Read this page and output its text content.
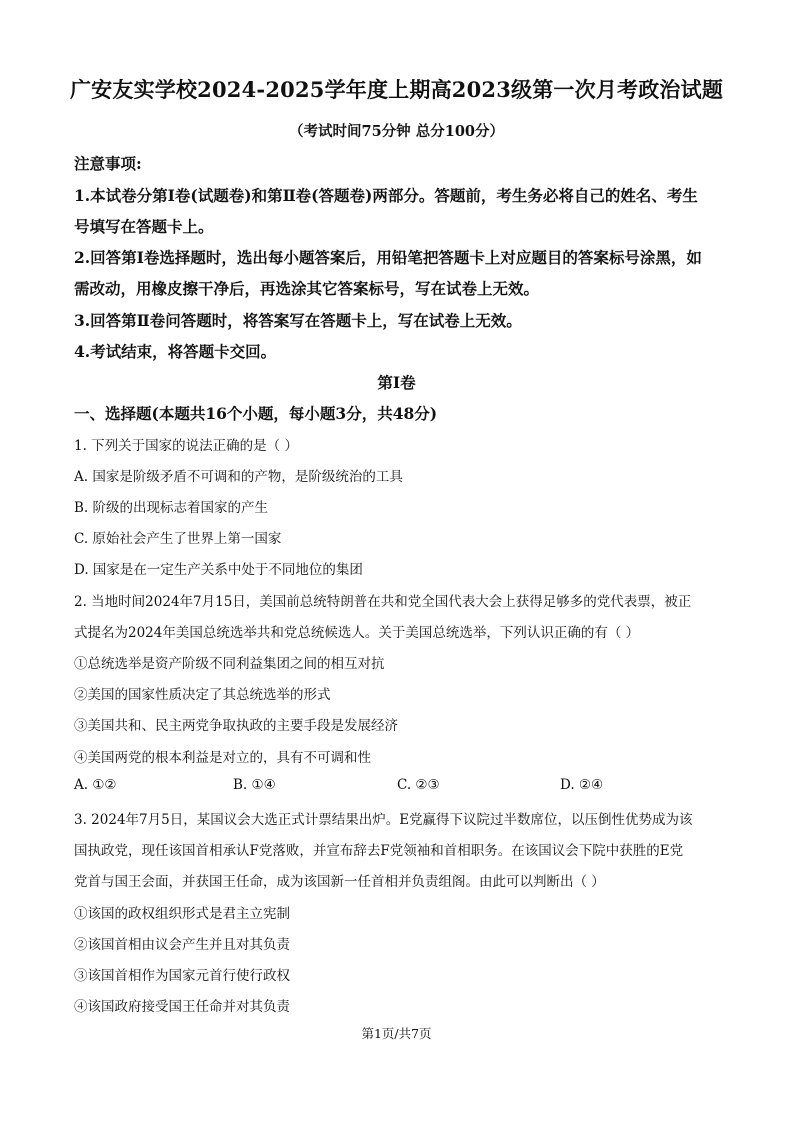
广安友实学校2024-2025学年度上期高2023级第一次月考政治试题
（考试时间75分钟 总分100分）
注意事项:
1.本试卷分第Ⅰ卷(试题卷)和第Ⅱ卷(答题卷)两部分。答题前，考生务必将自己的姓名、考生
号填写在答题卡上。
2.回答第Ⅰ卷选择题时，选出每小题答案后，用铅笔把答题卡上对应题目的答案标号涂黑，如
需改动，用橡皮擦干净后，再选涂其它答案标号，写在试卷上无效。
3.回答第Ⅱ卷问答题时，将答案写在答题卡上，写在试卷上无效。
4.考试结束，将答题卡交回。
第Ⅰ卷
一、选择题(本题共16个小题，每小题3分，共48分)
1. 下列关于国家的说法正确的是（ ）
A. 国家是阶级矛盾不可调和的产物，是阶级统治的工具
B. 阶级的出现标志着国家的产生
C. 原始社会产生了世界上第一国家
D. 国家是在一定生产关系中处于不同地位的集团
2. 当地时间2024年7月15日，美国前总统特朗普在共和党全国代表大会上获得足够多的党代表票，被正
式提名为2024年美国总统选举共和党总统候选人。关于美国总统选举，下列认识正确的有（ ）
①总统选举是资产阶级不同利益集团之间的相互对抗
②美国的国家性质决定了其总统选举的形式
③美国共和、民主两党争取执政的主要手段是发展经济
④美国两党的根本利益是对立的，具有不可调和性
A. ①②	B. ①④	C. ②③	D. ②④
3. 2024年7月5日，某国议会大选正式计票结果出炉。E党赢得下议院过半数席位，以压倒性优势成为该
国执政党，现任该国首相承认F党落败，并宣布辞去F党领袖和首相职务。在该国议会下院中获胜的E党
党首与国王会面，并获国王任命，成为该国新一任首相并负责组阁。由此可以判断出（ ）
①该国的政权组织形式是君主立宪制
②该国首相由议会产生并且对其负责
③该国首相作为国家元首行使行政权
④该国政府接受国王任命并对其负责
第1页/共7页
